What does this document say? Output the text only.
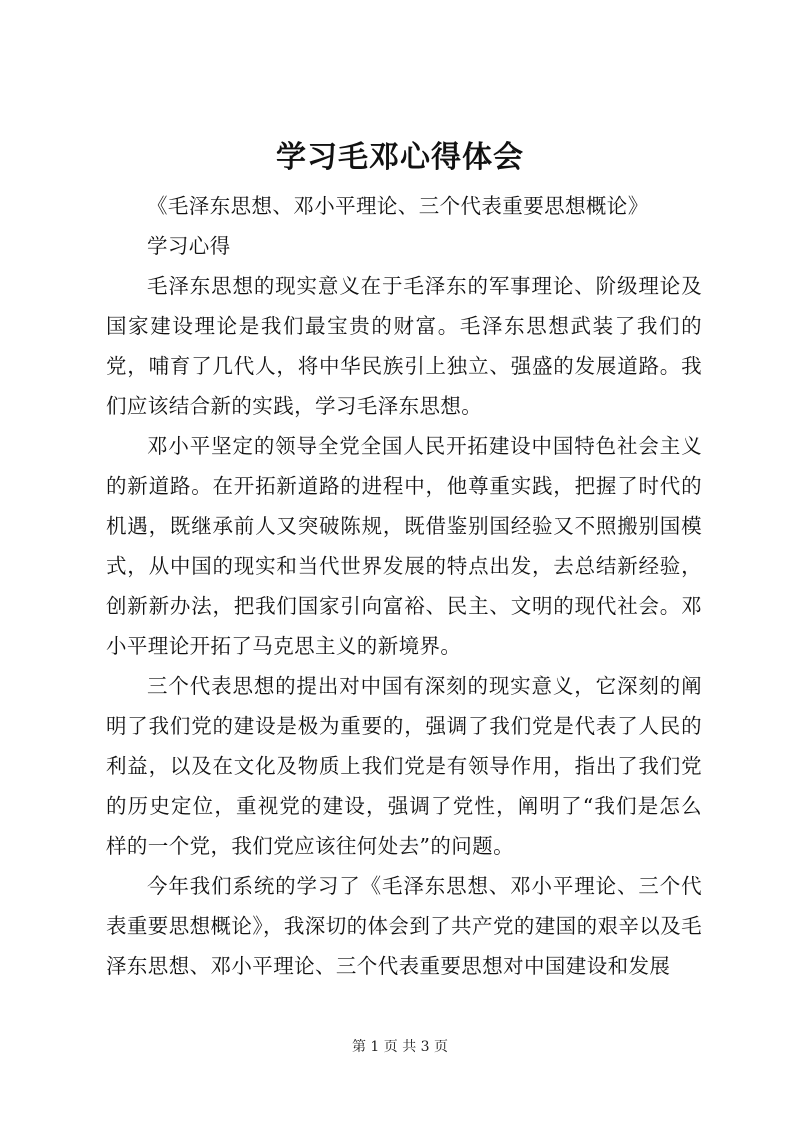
学习毛邓心得体会

《毛泽东思想、邓小平理论、三个代表重要思想概论》

学习心得

毛泽东思想的现实意义在于毛泽东的军事理论、阶级理论及国家建设理论是我们最宝贵的财富。毛泽东思想武装了我们的党，哺育了几代人，将中华民族引上独立、强盛的发展道路。我们应该结合新的实践，学习毛泽东思想。

邓小平坚定的领导全党全国人民开拓建设中国特色社会主义的新道路。在开拓新道路的进程中，他尊重实践，把握了时代的机遇，既继承前人又突破陈规，既借鉴别国经验又不照搬别国模式，从中国的现实和当代世界发展的特点出发，去总结新经验，创新新办法，把我们国家引向富裕、民主、文明的现代社会。邓小平理论开拓了马克思主义的新境界。

三个代表思想的提出对中国有深刻的现实意义，它深刻的阐明了我们党的建设是极为重要的，强调了我们党是代表了人民的利益，以及在文化及物质上我们党是有领导作用，指出了我们党的历史定位，重视党的建设，强调了党性，阐明了“我们是怎么样的一个党，我们党应该往何处去”的问题。

今年我们系统的学习了《毛泽东思想、邓小平理论、三个代表重要思想概论》，我深切的体会到了共产党的建国的艰辛以及毛泽东思想、邓小平理论、三个代表重要思想对中国建设和发展

第 1 页 共 3 页
